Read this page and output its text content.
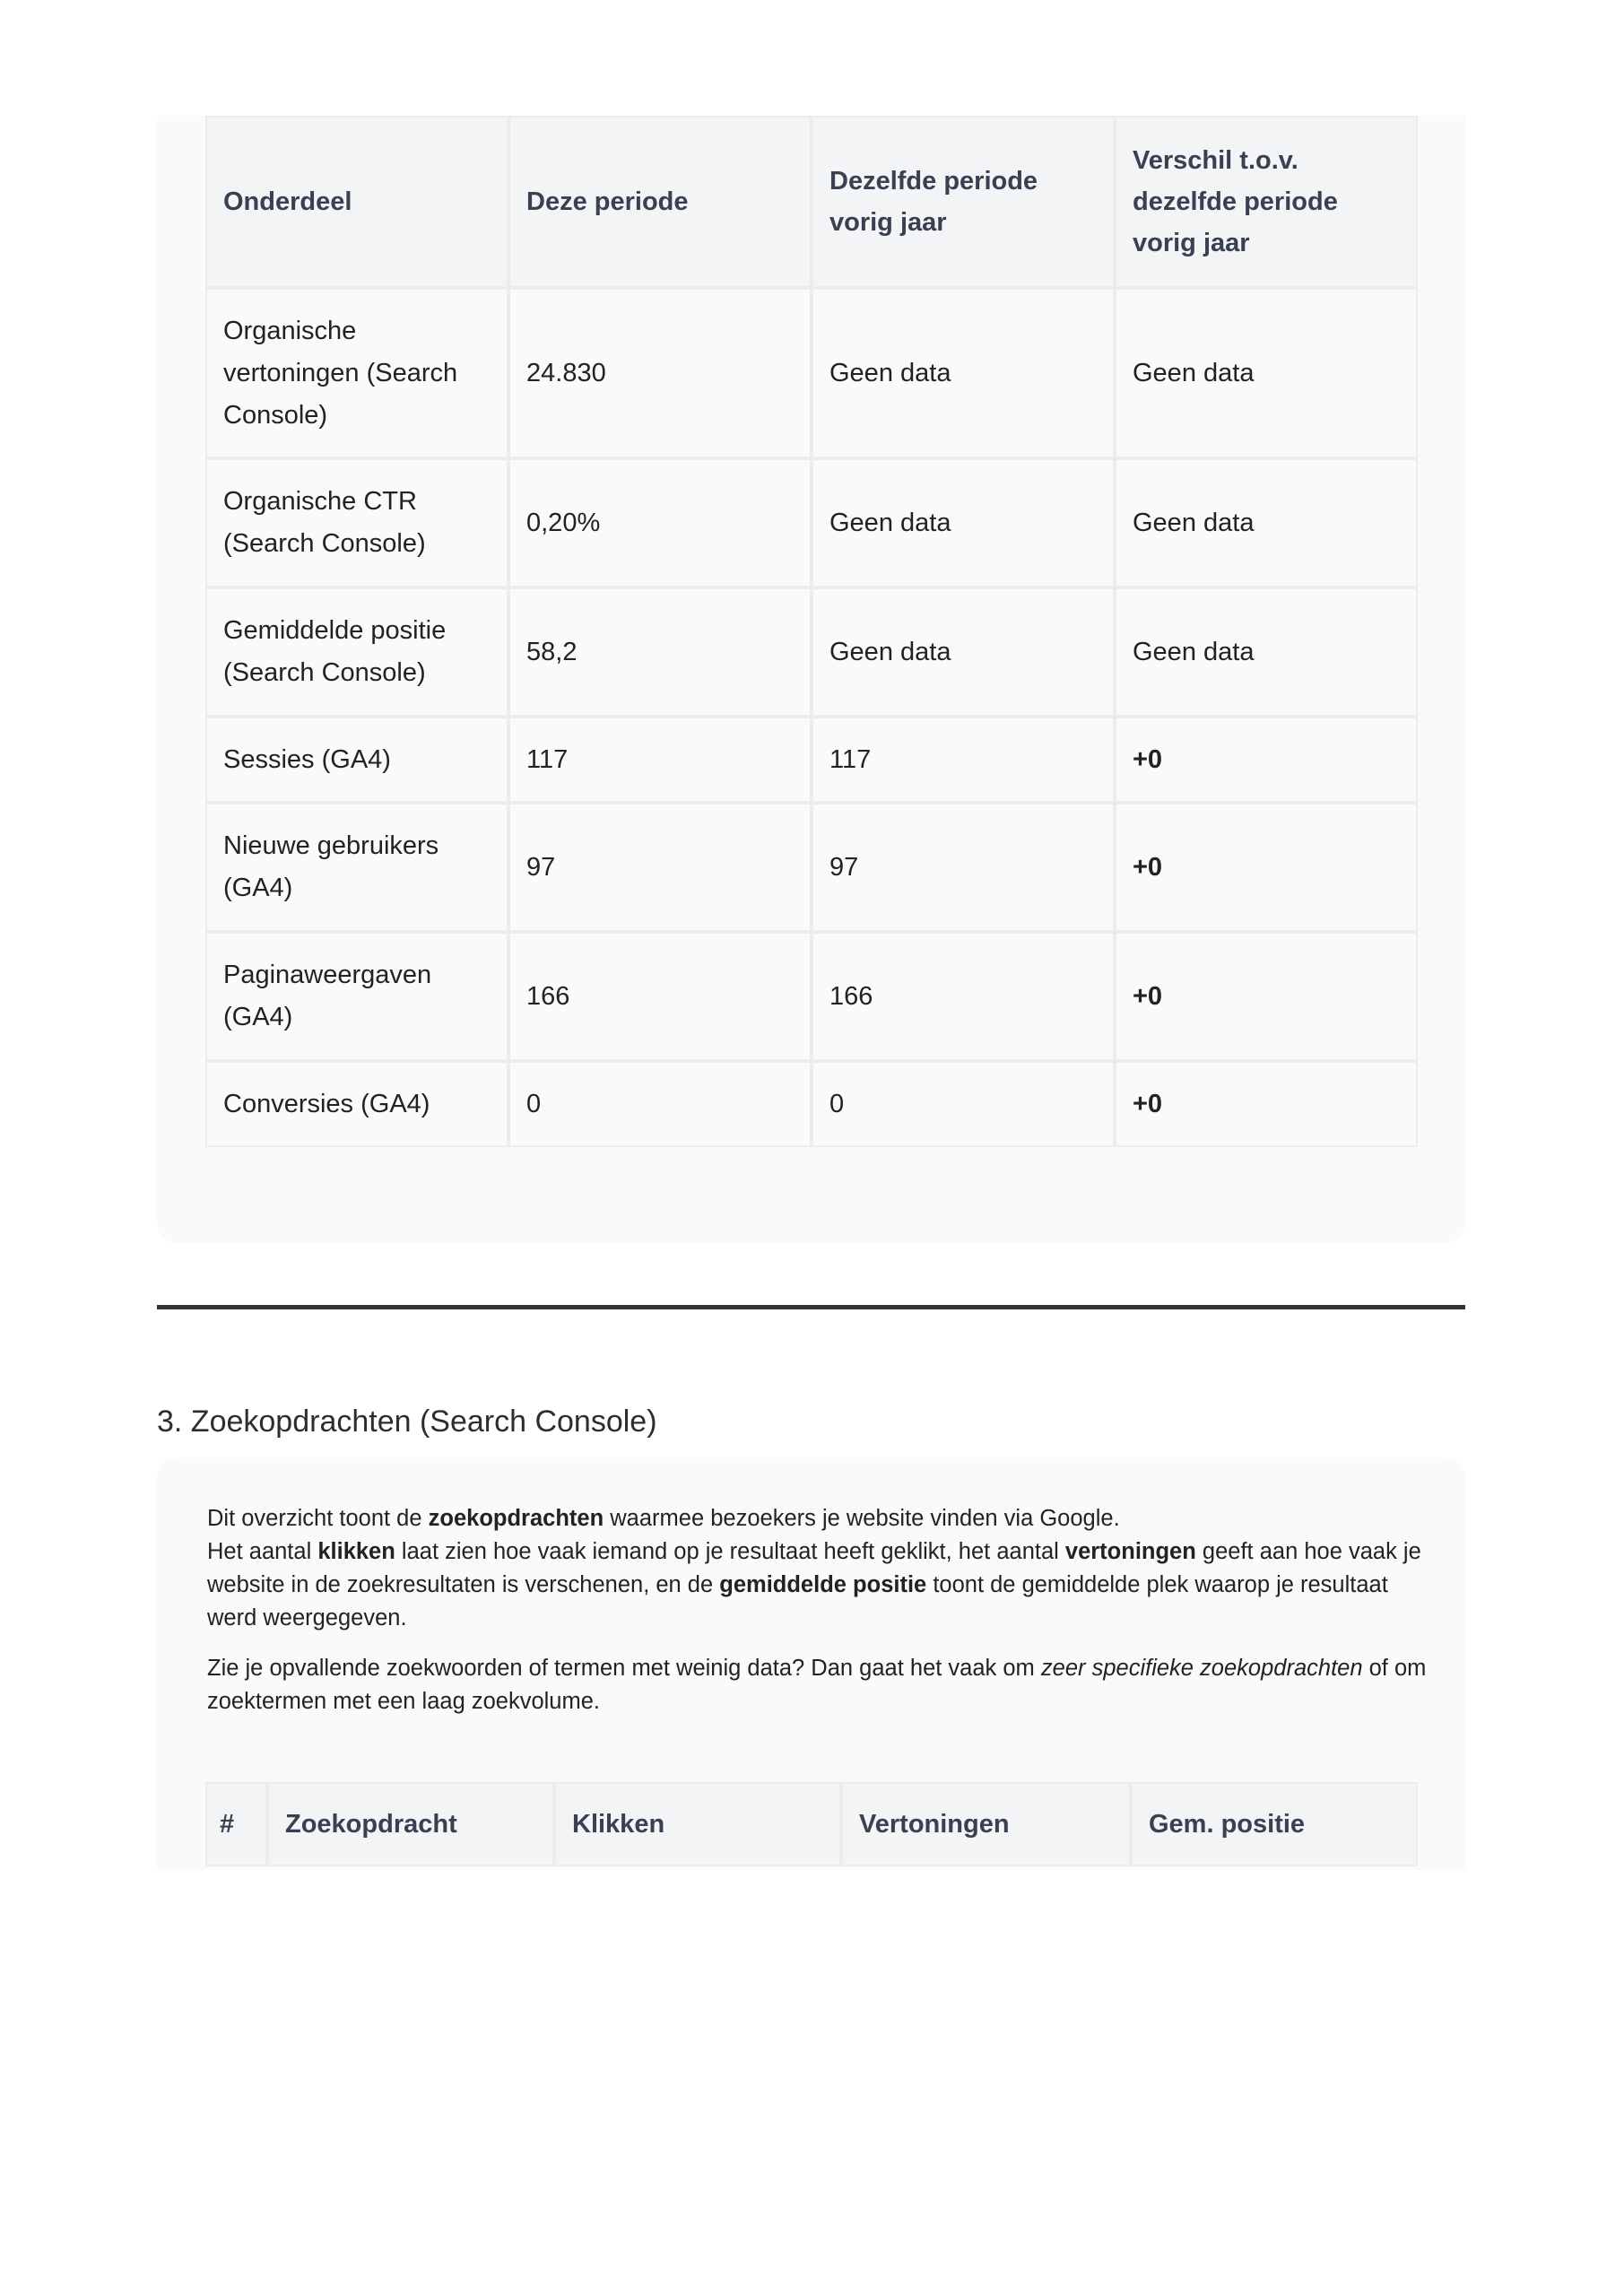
Onderdeel	Deze periode	Dezelfde periode vorig jaar	Verschil t.o.v. dezelfde periode vorig jaar
Organische vertoningen (Search Console)	24.830	Geen data	Geen data
Organische CTR (Search Console)	0,20%	Geen data	Geen data
Gemiddelde positie (Search Console)	58,2	Geen data	Geen data
Sessies (GA4)	117	117	+0
Nieuwe gebruikers (GA4)	97	97	+0
Paginaweergaven (GA4)	166	166	+0
Conversies (GA4)	0	0	+0
3. Zoekopdrachten (Search Console)

Dit overzicht toont de zoekopdrachten waarmee bezoekers je website vinden via Google.
Het aantal klikken laat zien hoe vaak iemand op je resultaat heeft geklikt, het aantal vertoningen geeft aan hoe vaak je website in de zoekresultaten is verschenen, en de gemiddelde positie toont de gemiddelde plek waarop je resultaat werd weergegeven.

Zie je opvallende zoekwoorden of termen met weinig data? Dan gaat het vaak om zeer specifieke zoekopdrachten of om zoektermen met een laag zoekvolume.

#	Zoekopdracht	Klikken	Vertoningen	Gem. positie
